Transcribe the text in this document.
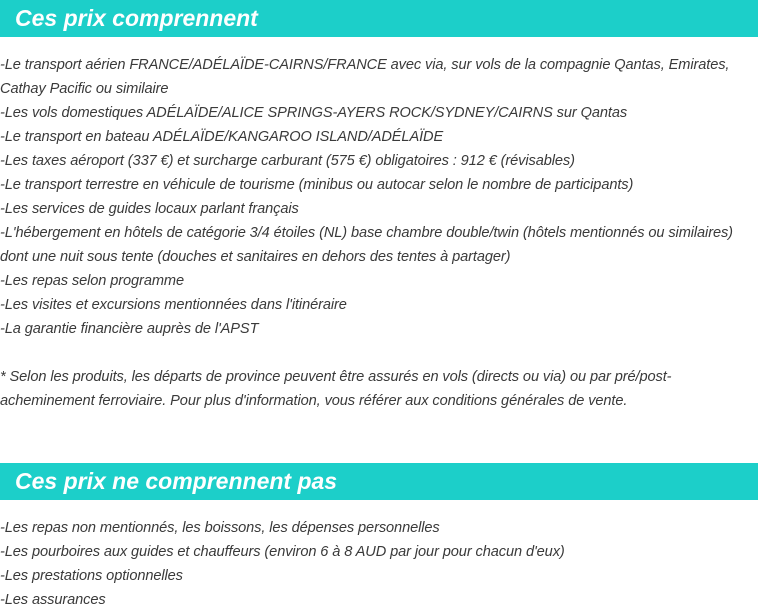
Ces prix comprennent
-Le transport aérien FRANCE/ADÉLAÏDE-CAIRNS/FRANCE avec via, sur vols de la compagnie Qantas, Emirates, Cathay Pacific ou similaire
-Les vols domestiques ADÉLAÏDE/ALICE SPRINGS-AYERS ROCK/SYDNEY/CAIRNS sur Qantas
-Le transport en bateau ADÉLAÏDE/KANGAROO ISLAND/ADÉLAÏDE
-Les taxes aéroport (337 €) et surcharge carburant (575 €) obligatoires : 912 € (révisables)
-Le transport terrestre en véhicule de tourisme (minibus ou autocar selon le nombre de participants)
-Les services de guides locaux parlant français
-L'hébergement en hôtels de catégorie 3/4 étoiles (NL) base chambre double/twin (hôtels mentionnés ou similaires) dont une nuit sous tente (douches et sanitaires en dehors des tentes à partager)
-Les repas selon programme
-Les visites et excursions mentionnées dans l'itinéraire
-La garantie financière auprès de l'APST
* Selon les produits, les départs de province peuvent être assurés en vols (directs ou via) ou par pré/post-acheminement ferroviaire. Pour plus d'information, vous référer aux conditions générales de vente.
Ces prix ne comprennent pas
-Les repas non mentionnés, les boissons, les dépenses personnelles
-Les pourboires aux guides et chauffeurs (environ 6 à 8 AUD par jour pour chacun d'eux)
-Les prestations optionnelles
-Les assurances
